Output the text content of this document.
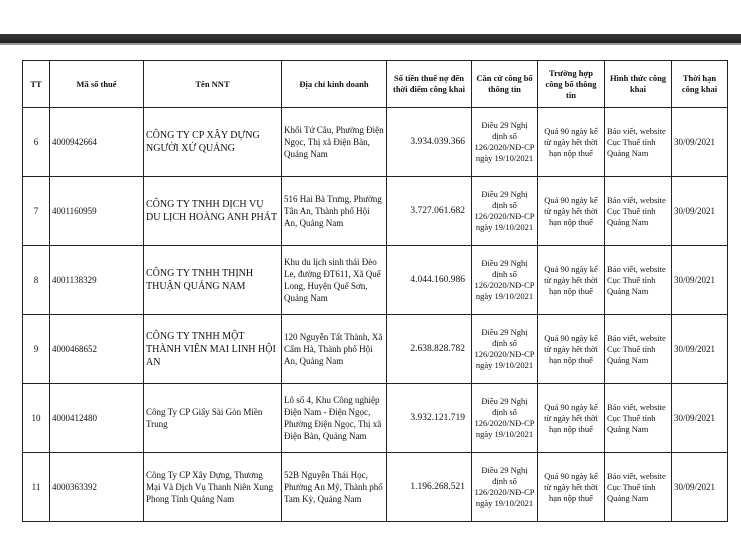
TT	Mã số thuế	Tên NNT	Địa chỉ kinh doanh	Số tiền thuế nợ đến thời điểm công khai	Căn cứ công bố thông tin	Trường hợp công bố thông tin	Hình thức công khai	Thời hạn công khai
6	4000942664	CÔNG TY CP XÂY DỰNG NGƯỜI XỨ QUẢNG	Khối Tứ Câu, Phường Điện Ngọc, Thị xã Điện Bàn, Quảng Nam	3.934.039.366	Điều 29 Nghị định số 126/2020/NĐ-CP ngày 19/10/2021	Quá 90 ngày kể từ ngày hết thời hạn nộp thuế	Báo viết, website Cục Thuế tỉnh Quảng Nam	30/09/2021
7	4001160959	CÔNG TY TNHH DỊCH VỤ DU LỊCH HOÀNG ANH PHÁT	516 Hai Bà Trưng, Phường Tân An, Thành phố Hội An, Quảng Nam	3.727.061.682	Điều 29 Nghị định số 126/2020/NĐ-CP ngày 19/10/2021	Quá 90 ngày kể từ ngày hết thời hạn nộp thuế	Báo viết, website Cục Thuế tỉnh Quảng Nam	30/09/2021
8	4001138329	CÔNG TY TNHH THỊNH THUẬN QUẢNG NAM	Khu du lịch sinh thái Đèo Le, đường ĐT611, Xã Quế Long, Huyện Quế Sơn, Quảng Nam	4.044.160.986	Điều 29 Nghị định số 126/2020/NĐ-CP ngày 19/10/2021	Quá 90 ngày kể từ ngày hết thời hạn nộp thuế	Báo viết, website Cục Thuế tỉnh Quảng Nam	30/09/2021
9	4000468652	CÔNG TY TNHH MỘT THÀNH VIÊN MAI LINH HỘI AN	120 Nguyễn Tất Thành, Xã Cẩm Hà, Thành phố Hội An, Quảng Nam	2.638.828.782	Điều 29 Nghị định số 126/2020/NĐ-CP ngày 19/10/2021	Quá 90 ngày kể từ ngày hết thời hạn nộp thuế	Báo viết, website Cục Thuế tỉnh Quảng Nam	30/09/2021
10	4000412480	Công Ty CP Giấy Sài Gòn Miền Trung	Lô số 4, Khu Công nghiệp Điện Nam - Điện Ngọc, Phường Điện Ngọc, Thị xã Điện Bàn, Quảng Nam	3.932.121.719	Điều 29 Nghị định số 126/2020/NĐ-CP ngày 19/10/2021	Quá 90 ngày kể từ ngày hết thời hạn nộp thuế	Báo viết, website Cục Thuế tỉnh Quảng Nam	30/09/2021
11	4000363392	Công Ty CP Xây Dựng, Thương Mại Và Dịch Vụ Thanh Niên Xung Phong Tỉnh Quảng Nam	52B Nguyễn Thái Học, Phường An Mỹ, Thành phố Tam Kỳ, Quảng Nam	1.196.268.521	Điều 29 Nghị định số 126/2020/NĐ-CP ngày 19/10/2021	Quá 90 ngày kể từ ngày hết thời hạn nộp thuế	Báo viết, website Cục Thuế tỉnh Quảng Nam	30/09/2021
